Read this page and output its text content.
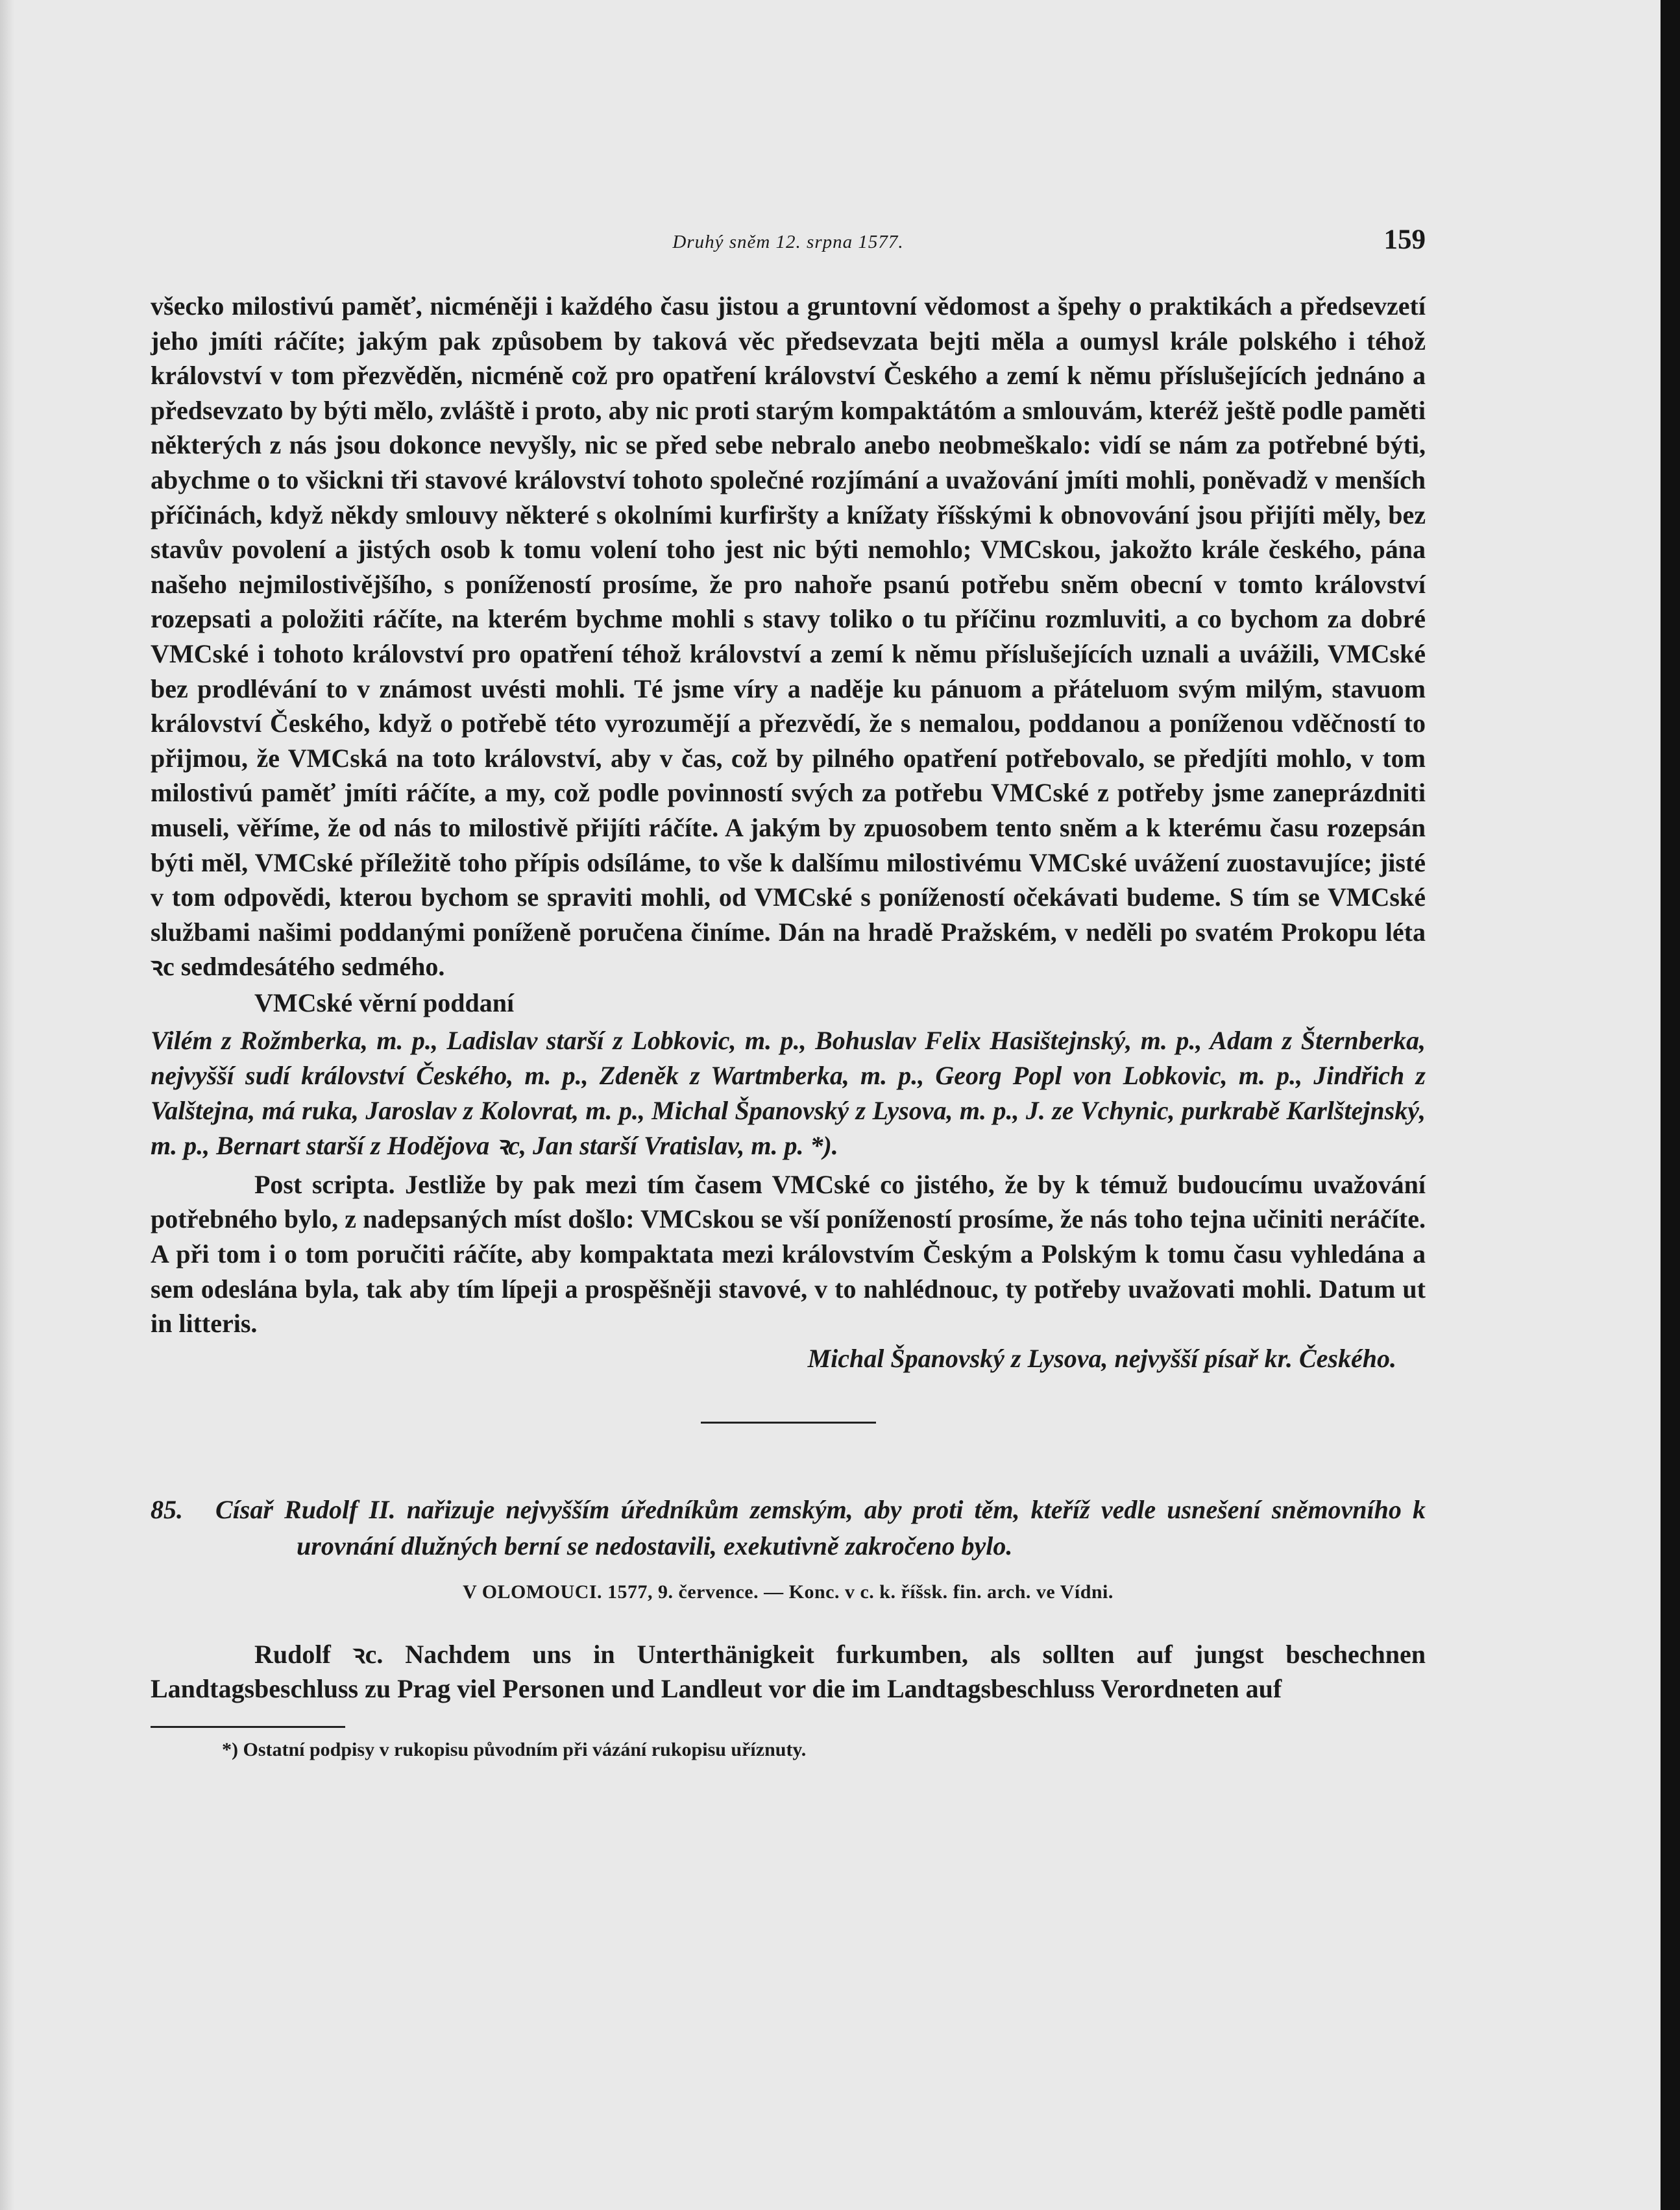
Druhý sněm 12. srpna 1577.	159

všecko milostivú paměť, nicméněji i každého času jistou a gruntovní vědomost a špehy o praktikách a předsevzetí jeho jmíti ráčíte; jakým pak způsobem by taková věc předsevzata bejti měla a oumysl krále polského i téhož království v tom přezvěděn, nicméně což pro opatření království Českého a zemí k němu příslušejících jednáno a předsevzato by býti mělo, zvláště i proto, aby nic proti starým kompaktátóm a smlouvám, kteréž ještě podle paměti některých z nás jsou dokonce nevyšly, nic se před sebe nebralo anebo neobmeškalo: vidí se nám za potřebné býti, abychme o to všickni tři stavové království tohoto společné rozjímání a uvažování jmíti mohli, poněvadž v menších příčinách, když někdy smlouvy některé s okolními kurfiršty a knížaty říšskými k obnovování jsou přijíti měly, bez stavův povolení a jistých osob k tomu volení toho jest nic býti nemohlo; VMCskou, jakožto krále českého, pána našeho nejmilostivějšího, s ponížeností prosíme, že pro nahoře psanú potřebu sněm obecní v tomto království rozepsati a položiti ráčíte, na kterém bychme mohli s stavy toliko o tu příčinu rozmluviti, a co bychom za dobré VMCské i tohoto království pro opatření téhož království a zemí k němu příslušejících uznali a uvážili, VMCské bez prodlévání to v známost uvésti mohli. Té jsme víry a naděje ku pánuom a přáteluom svým milým, stavuom království Českého, když o potřebě této vyrozumějí a přezvědí, že s nemalou, poddanou a poníženou vděčností to přijmou, že VMCská na toto království, aby v čas, což by pilného opatření potřebovalo, se předjíti mohlo, v tom milostivú paměť jmíti ráčíte, a my, což podle povinností svých za potřebu VMCské z potřeby jsme zaneprázdniti museli, věříme, že od nás to milostivě přijíti ráčíte. A jakým by zpuosobem tento sněm a k kterému času rozepsán býti měl, VMCské příležitě toho přípis odsíláme, to vše k dalšímu milostivému VMCské uvážení zuostavujíce; jisté v tom odpovědi, kterou bychom se spraviti mohli, od VMCské s ponížeností očekávati budeme. S tím se VMCské službami našimi poddanými poníženě poručena činíme. Dán na hradě Pražském, v neděli po svatém Prokopu léta ꝛc sedmdesátého sedmého.

VMCské věrní poddaní

Vilém z Rožmberka, m. p., Ladislav starší z Lobkovic, m. p., Bohuslav Felix Hasištejnský, m. p., Adam z Šternberka, nejvyšší sudí království Českého, m. p., Zdeněk z Wartmberka, m. p., Georg Popl von Lobkovic, m. p., Jindřich z Valštejna, má ruka, Jaroslav z Kolovrat, m. p., Michal Španovský z Lysova, m. p., J. ze Vchynic, purkrabě Karlštejnský, m. p., Bernart starší z Hodějova ꝛc, Jan starší Vratislav, m. p. *).

Post scripta. Jestliže by pak mezi tím časem VMCské co jistého, že by k témuž budoucímu uvažování potřebného bylo, z nadepsaných míst došlo: VMCskou se vší ponížeností prosíme, že nás toho tejna učiniti neráčíte. A při tom i o tom poručiti ráčíte, aby kompaktata mezi královstvím Českým a Polským k tomu času vyhledána a sem odeslána byla, tak aby tím lípeji a prospěšněji stavové, v to nahlédnouc, ty potřeby uvažovati mohli. Datum ut in litteris.

Michal Španovský z Lysova, nejvyšší písař kr. Českého.

85. Císař Rudolf II. nařizuje nejvyšším úředníkům zemským, aby proti těm, kteříž vedle usnešení sněmovního k urovnání dlužných berní se nedostavili, exekutivně zakročeno bylo.

V OLOMOUCI. 1577, 9. července. — Konc. v c. k. říšsk. fin. arch. ve Vídni.

Rudolf ꝛc. Nachdem uns in Unterthänigkeit furkumben, als sollten auf jungst beschechnen Landtagsbeschluss zu Prag viel Personen und Landleut vor die im Landtagsbeschluss Verordneten auf

*) Ostatní podpisy v rukopisu původním při vázání rukopisu uříznuty.
